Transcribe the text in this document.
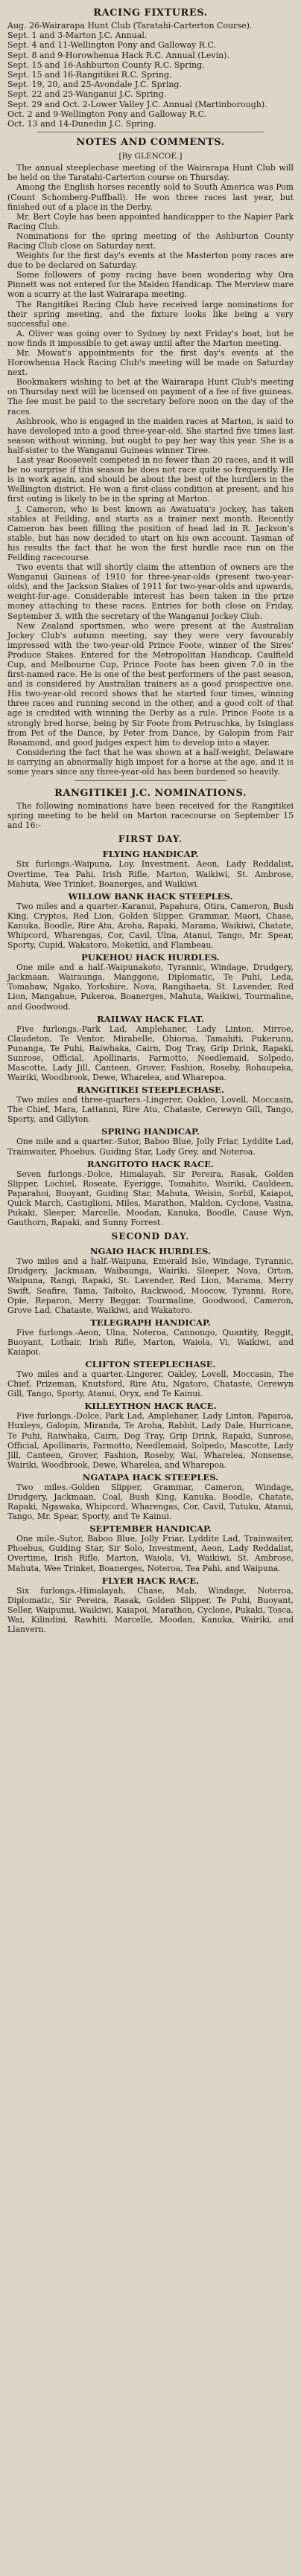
RACING FIXTURES.
Aug. 26-Wairarapa Hunt Club (Taratahi-Carterton Course).
Sept. 1 and 3-Marton J.C. Annual.
Sept. 4 and 11-Wellington Pony and Galloway R.C.
Sept. 8 and 9-Horowhenua Hack R.C. Annual (Levin).
Sept. 15 and 16-Ashburton County R.C. Spring.
Sept. 15 and 16-Rangitikei R.C. Spring.
Sept. 19, 20, and 25-Avondale J.C. Spring.
Sept. 22 and 25-Wanganui J.C. Spring.
Sept. 29 and Oct. 2-Lower Valley J.C. Annual (Martinborough).
Oct. 2 and 9-Wellington Pony and Galloway R.C.
Oct. 13 and 14-Dunedin J.C. Spring.
NOTES AND COMMENTS.
[By GLENCOE.]

The annual steeplechase meeting of the Wairarapa Hunt Club will be held on the Taratahi-Carterton course on Thursday.

Among the English horses recently sold to South America was Pom (Count Schomberg-Puffball). He won three races last year, but finished out of a place in the Derby.

Mr. Bert Coyle has been appointed handicapper to the Napier Park Racing Club.

Nominations for the spring meeting of the Ashburton County Racing Club close on Saturday next.

Weights for the first day's events at the Masterton pony races are due to be declared on Saturday.

Some followers of pony racing have been wondering why Ora Pinnett was not entered for the Maiden Handicap. The Merview mare won a scurry at the last Wairarapa meeting.

The Rangitikei Racing Club have received large nominations for their spring meeting, and the fixture looks like being a very successful one.

A. Oliver was going over to Sydney by next Friday's boat, but he now finds it impossible to get away until after the Marton meeting.

Mr. Mowat's appointments for the first day's events at the Horowhenua Hack Racing Club's meeting will be made on Saturday next.

Bookmakers wishing to bet at the Wairarapa Hunt Club's meeting on Thursday next will be licensed on payment of a fee of five guineas. The fee must be paid to the secretary before noon on the day of the races.

Ashbrook, who is engaged in the maiden races at Marton, is said to have developed into a good three-year-old. She started five times last season without winning, but ought to pay her way this year. She is a half-sister to the Wanganui Guineas winner Tiree.

Last year Roosevelt competed in no fewer than 20 races, and it will be no surprise if this season he does not race quite so frequently. He is in work again, and should be about the best of the hurdlers in the Wellington district. He won a first-class condition at present, and his first outing is likely to be in the spring at Marton.

J. Cameron, who is best known as Awatuatu's jockey, has taken stables at Feilding, and starts as a trainer next month. Recently Cameron has been filling the position of head lad in R. Jackson's stable, but has now decided to start on his own account. Tasman of his results the fact that he won the first hurdle race run on the Feilding racecourse.

Two events that will shortly claim the attention of owners are the Wanganui Guineas of 1910 for three-year-olds (present two-year-olds), and the Jackson Stakes of 1911 for two-year-olds and upwards, weight-for-age. Considerable interest has been taken in the prize money attaching to these races. Entries for both close on Friday, September 3, with the secretary of the Wanganui Jockey Club.

New Zealand sportsmen, who were present at the Australian Jockey Club's autumn meeting, say they were very favourably impressed with the two-year-old Prince Foote, winner of the Sires' Produce Stakes. Entered for the Metropolitan Handicap, Caulfield Cup, and Melbourne Cup, Prince Foote has been given 7.0 in the first-named race. He is one of the best performers of the past season, and is considered by Australian trainers as a good prospective one. His two-year-old record shows that he started four times, winning three races and running second in the other, and a good colt of that age is credited with winning the Derby as a rule. Prince Foote is a strongly bred horse, being by Sir Foote from Petruschka, by Isinglass from Pet of the Dance, by Peter from Dance, by Galopin from Fair Rosamond, and good judges expect him to develop into a stayer.

Considering the fact that he was shown at a half-weight, Delaware is carrying an abnormally high impost for a horse at the age, and it is some years since any three-year-old has been burdened so heavily.

RANGITIKEI J.C. NOMINATIONS.

The following nominations have been received for the Rangitikei spring meeting to be held on Marton racecourse on September 15 and 16:-

FIRST DAY.
FLYING HANDICAP.

Six furlongs.-Waipuna, Loy, Investment, Aeon, Lady Reddalist, Overtime, Tea Pahi, Irish Rifle, Marton, Waikiwi, St. Ambrose, Mahuta, Wee Trinket, Boanerges, and Waikiwi.

WILLOW BANK HACK STEEPLES.

Two miles and a quarter.-Karanui, Papahura, Otira, Cameron, Bush King, Cryptos, Red Lion, Golden Slipper, Grammar, Maori, Chase, Kanuka, Boodle, Rire Atu, Aroha, Rapaki, Marama, Waikiwi, Chatate, Whipcord, Wharengas, Cor, Cavil, Ulna, Atanui, Tango, Mr. Spear, Sporty, Cupid, Wakatoro, Moketiki, and Flambeau.

PUKEHOU HACK HURDLES.

One mile and a half.-Waipunakoto, Tyrannic, Windage, Drudgery, Jackmaan, Wairaunga, Manggone, Diplomatic, Te Puhi, Leda, Tomahaw, Ngako, Yorkshire, Nova, Rangihaeta, St. Lavender, Red Lion, Mangahue, Pukeroa, Boanerges, Mahuta, Waikiwi, Tourmaline, and Goodwood.

RAILWAY HACK FLAT.

Five furlongs.-Park Lad, Amplehaner, Lady Linton, Mirroe, Claudeton, Te Ventor, Mirabelle, Ohiorua, Tamahiti, Pukerunu, Punanga, Te Puhi, Raiwhaka, Cairn, Dog Tray, Grip Drink, Rapaki, Sunrose, Official, Apollinaris, Farmotto, Needlemaid, Solpedo, Mascotte, Lady Jill, Canteen, Grover, Fashion, Roseby, Rohaupeka, Wairiki, Woodbrook, Dewe, Wharelea, and Wharepoa.

RANGITIKEI STEEPLECHASE.

Two miles and three-quarters.-Lingerer, Oakleo, Lovell, Moccasin, The Chief, Mara, Lattanni, Rire Atu, Chataste, Cerewyn Gill, Tango, Sporty, and Gillyton.

SPRING HANDICAP.

One mile and a quarter.-Sutor, Baboo Blue, Jolly Friar, Lyddite Lad, Trainwaiter, Phoebus, Guiding Star, Lady Grey, and Noteroa.

RANGITOTO HACK RACE.

Seven furlongs.-Dolce, Himalayah, Sir Pereira, Rasak, Golden Slipper, Lochiel, Roseate, Eyerigge, Tomahito, Wairiki, Cauldeen, Paparahoi, Buoyant, Guiding Star, Mahuta, Weisin, Sorbil, Kaiapoi, Quick March, Castiglioni, Miles, Marathon, Maldon, Cyclone, Vasina, Pukaki, Sleeper, Marcelle, Moodan, Kanuka, Boodle, Cause Wyn, Gauthorn, Rapaki, and Sunny Forrest.

SECOND DAY.
NGAIO HACK HURDLES.

Two miles and a half.-Waipuna, Emerald Isle, Windage, Tyrannic, Drudgery, Jackmaan, Waibaunga, Wairiki, Sleeper, Nova, Orton, Waipuna, Rangi, Rapaki, St. Lavender, Red Lion, Marama, Merry Swift, Seafire, Tama, Taitoko, Rackwood, Moocow, Tyranni, Rore, Opie, Reparon, Merry Beggar, Tourmaline, Goodwood, Cameron, Grove Lad, Chataste, Waikiwi, and Wakatoro.

TELEGRAPH HANDICAP.

Five furlongs.-Aeon, Ulna, Noteroa, Cannongo, Quantity, Reggit, Buoyant, Lothair, Irish Rifle, Marton, Waiola, Vi, Waikiwi, and Kaiapoi.

CLIFTON STEEPLECHASE.

Two miles and a quarter.-Lingerer, Oakley, Lovell, Moccasin, The Chief, Prizeman, Knutsford, Rire Atu, Ngatoro, Chataste, Cerewyn Gill, Tango, Sporty, Atanui, Oryx, and Te Kainui.

KILLEYTHON HACK RACE.

Five furlongs.-Dolce, Park Lad, Amplehaner, Lady Linton, Paparoa, Huxleys, Galopin, Miranda, Te Aroha, Rabbit, Lady Dale, Hurricane, Te Puhi, Raiwhaka, Cairn, Dog Tray, Grip Drink, Rapaki, Sunrose, Official, Apollinaris, Farmotto, Needlemaid, Solpedo, Mascotte, Lady Jill, Canteen, Grover, Fashion, Roseby, Wai, Wharelea, Nonsense, Wairiki, Woodbrook, Dewe, Wharelea, and Wharepoa.

NGATAPA HACK STEEPLES.

Two miles.-Golden Slipper, Grammar, Cameron, Windage, Drudgery, Jackmaan, Coal, Bush King, Kanuka, Boodle, Chatate, Rapaki, Ngawaka, Whipcord, Wharengas, Cor, Cavil, Tutuku, Atanui, Tango, Mr. Spear, Sporty, and Te Kainui.

SEPTEMBER HANDICAP.

One mile.-Sutor, Baboo Blue, Jolly Friar, Lyddite Lad, Trainwaiter, Phoebus, Guiding Star, Sir Solo, Investment, Aeon, Lady Reddalist, Overtime, Irish Rifle, Marton, Waiola, Vi, Waikiwi, St. Ambrose, Mahuta, Wee Trinket, Boanerges, Noteroa, Tea Pahi, and Waipuna.

FLYER HACK RACE.

Six furlongs.-Himalayah, Chase, Mab, Windage, Noteroa, Diplomatic, Sir Pereira, Rasak, Golden Slipper, Te Puhi, Buoyant, Seller, Waipunui, Waikiwi, Kaiapoi, Marathon, Cyclone, Pukaki, Tosca, Wai, Kilindini, Rawhiti, Marcelle, Moodan, Kanuka, Wairiki, and Llanvern.
